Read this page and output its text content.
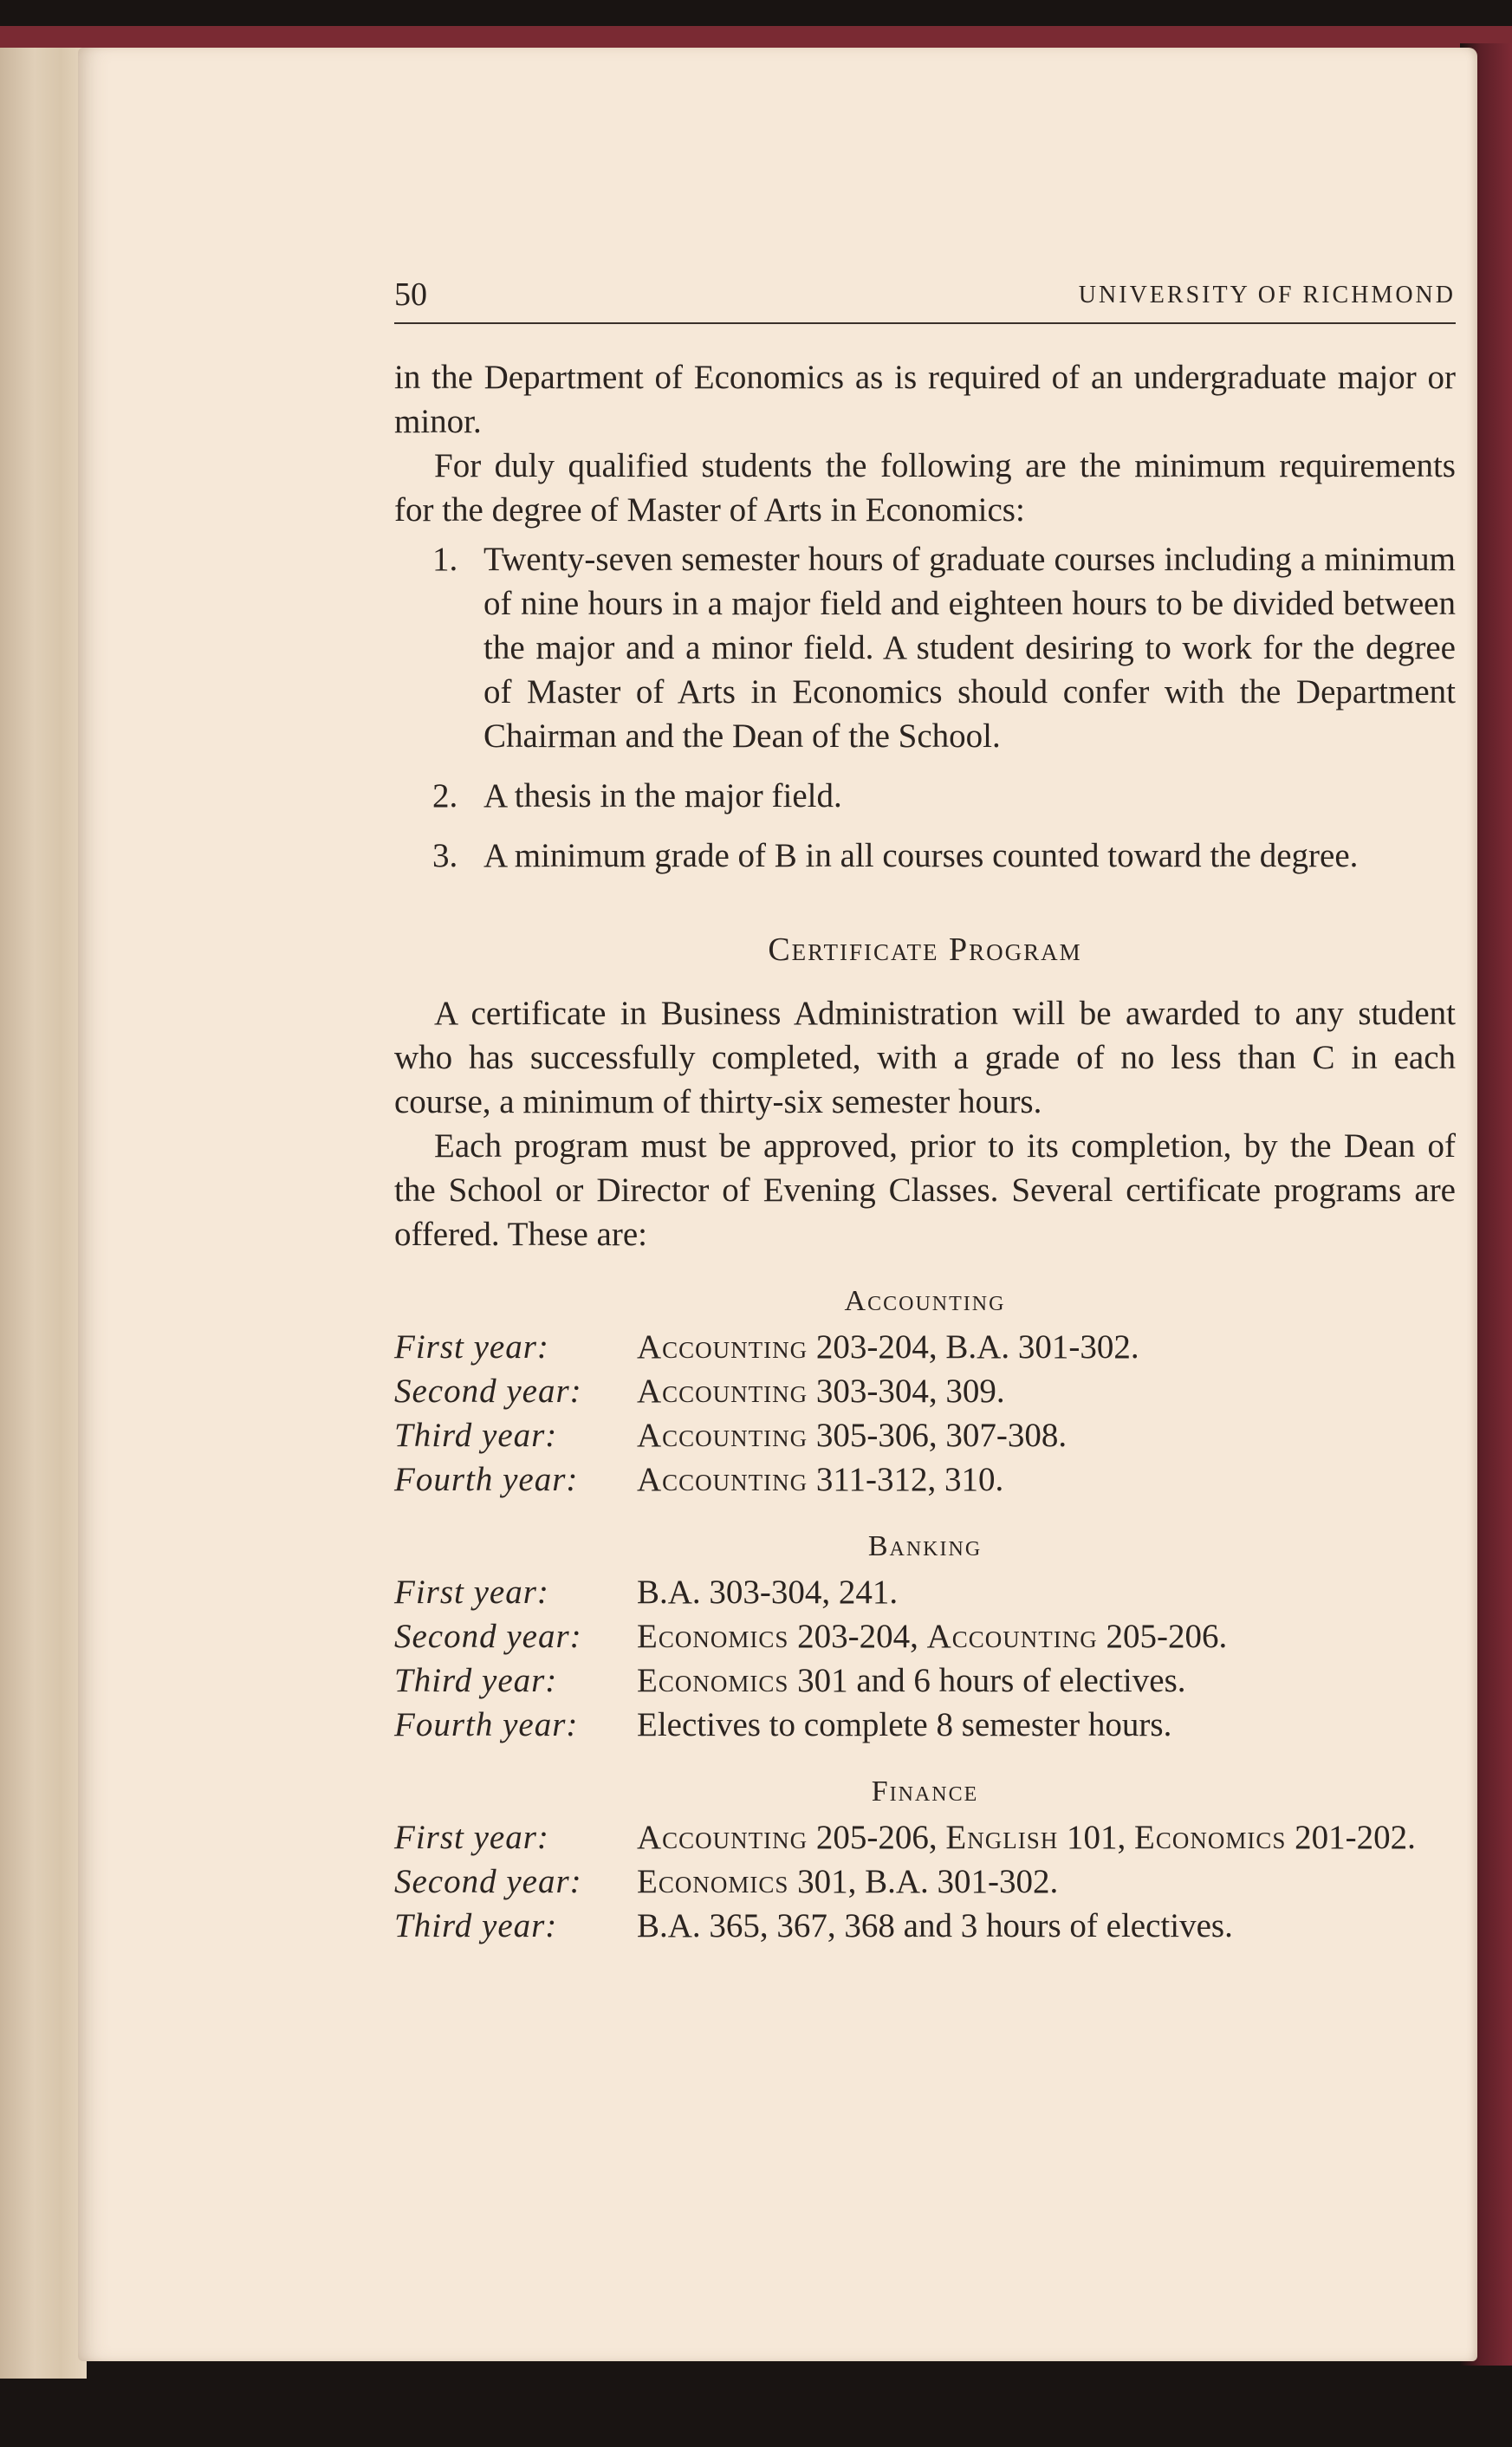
50	UNIVERSITY OF RICHMOND

in the Department of Economics as is required of an undergraduate major or minor.

For duly qualified students the following are the minimum requirements for the degree of Master of Arts in Economics:

1. Twenty-seven semester hours of graduate courses including a minimum of nine hours in a major field and eighteen hours to be divided between the major and a minor field. A student desiring to work for the degree of Master of Arts in Economics should confer with the Department Chairman and the Dean of the School.
2. A thesis in the major field.
3. A minimum grade of B in all courses counted toward the degree.
Certificate Program

A certificate in Business Administration will be awarded to any student who has successfully completed, with a grade of no less than C in each course, a minimum of thirty-six semester hours.

Each program must be approved, prior to its completion, by the Dean of the School or Director of Evening Classes. Several certificate programs are offered. These are:

Accounting
First year:	Accounting 203-204, B.A. 301-302.
Second year:	Accounting 303-304, 309.
Third year:	Accounting 305-306, 307-308.
Fourth year:	Accounting 311-312, 310.
Banking
First year:	B.A. 303-304, 241.
Second year:	Economics 203-204, Accounting 205-206.
Third year:	Economics 301 and 6 hours of electives.
Fourth year:	Electives to complete 8 semester hours.
Finance
First year:	Accounting 205-206, English 101, Economics 201-202.
Second year:	Economics 301, B.A. 301-302.
Third year:	B.A. 365, 367, 368 and 3 hours of electives.
